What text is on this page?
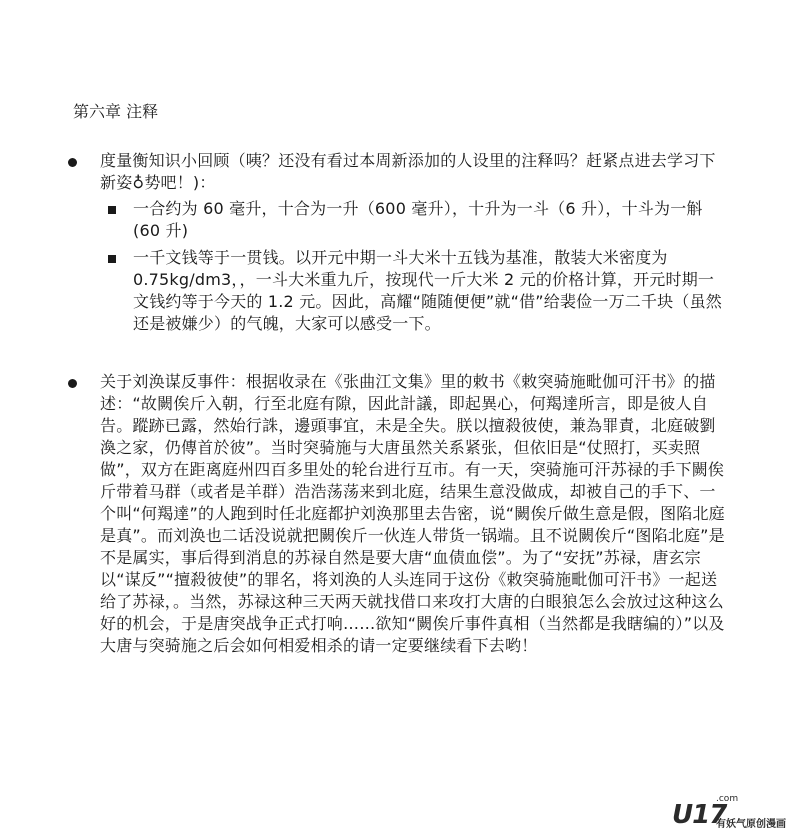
第六章 注释

度量衡知识小回顾（咦？还没有看过本周新添加的人设里的注释吗？赶紧点进去学习下新姿♁势吧！)：

一合约为 60 毫升，十合为一升（600 毫升），十升为一斗（6 升），十斗为一斛(60 升)

一千文钱等于一贯钱。以开元中期一斗大米十五钱为基准，散装大米密度为 0.75kg/dm3，，一斗大米重九斤，按现代一斤大米 2 元的价格计算，开元时期一文钱约等于今天的 1.2 元。因此，高耀“随随便便”就“借”给裴俭一万二千块（虽然还是被嫌少）的气魄，大家可以感受一下。

关于刘涣谋反事件：根据收录在《张曲江文集》里的敕书《敕突骑施毗伽可汗书》的描述：“故闕俟斤入朝，行至北庭有隙，因此計議，即起異心，何羯達所言，即是彼人自告。蹤跡已露，然始行誅，邊頭事宜，未是全失。朕以擅殺彼使，兼為罪責，北庭破劉渙之家，仍傳首於彼”。当时突骑施与大唐虽然关系紧张，但依旧是“仗照打，买卖照做”，双方在距离庭州四百多里处的轮台进行互市。有一天，突骑施可汗苏禄的手下闕俟斤带着马群（或者是羊群）浩浩荡荡来到北庭，结果生意没做成，却被自己的手下、一个叫“何羯達”的人跑到时任北庭都护刘涣那里去告密，说“闕俟斤做生意是假，图陷北庭是真”。而刘涣也二话没说就把闕俟斤一伙连人带货一锅端。且不说闕俟斤“图陷北庭”是不是属实，事后得到消息的苏禄自然是要大唐“血债血偿”。为了“安抚”苏禄，唐玄宗以“谋反”“擅殺彼使”的罪名，将刘涣的人头连同于这份《敕突骑施毗伽可汗书》一起送给了苏禄，。当然，苏禄这种三天两天就找借口来攻打大唐的白眼狼怎么会放过这种这么好的机会，于是唐突战争正式打响……欲知“闕俟斤事件真相（当然都是我瞎编的）”以及大唐与突骑施之后会如何相爱相杀的请一定要继续看下去哟！

U17
.com
有妖气原创漫画
